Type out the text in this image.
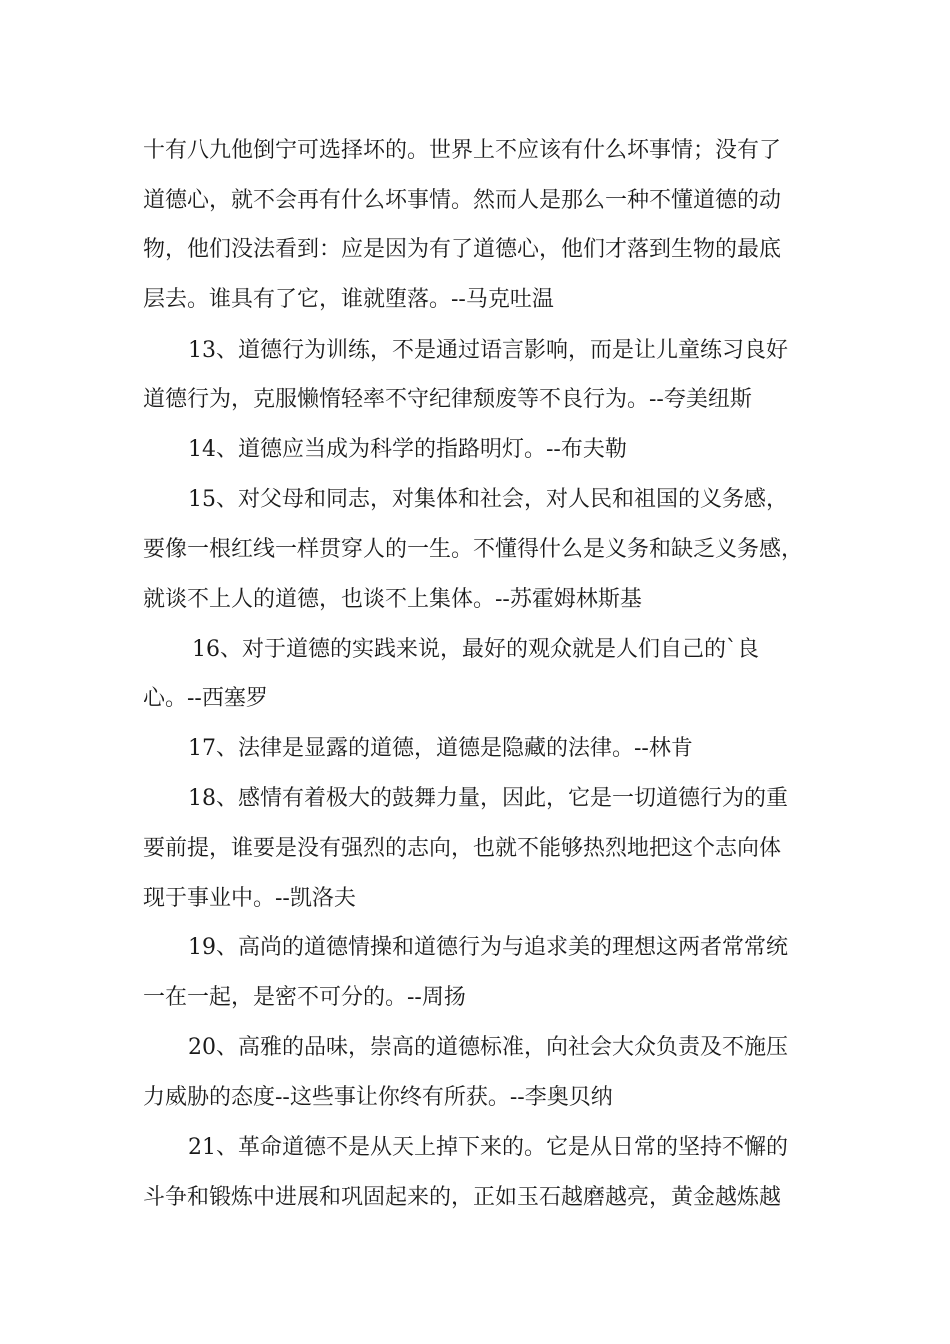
十有八九他倒宁可选择坏的。世界上不应该有什么坏事情；没有了
道德心，就不会再有什么坏事情。然而人是那么一种不懂道德的动
物，他们没法看到：应是因为有了道德心，他们才落到生物的最底
层去。谁具有了它，谁就堕落。--马克吐温
13、道德行为训练，不是通过语言影响，而是让儿童练习良好
道德行为，克服懒惰轻率不守纪律颓废等不良行为。--夸美纽斯
14、道德应当成为科学的指路明灯。--布夫勒
15、对父母和同志，对集体和社会，对人民和祖国的义务感，
要像一根红线一样贯穿人的一生。不懂得什么是义务和缺乏义务感，
就谈不上人的道德，也谈不上集体。--苏霍姆林斯基
16、对于道德的实践来说，最好的观众就是人们自己的`良
心。--西塞罗
17、法律是显露的道德，道德是隐藏的法律。--林肯
18、感情有着极大的鼓舞力量，因此，它是一切道德行为的重
要前提，谁要是没有强烈的志向，也就不能够热烈地把这个志向体
现于事业中。--凯洛夫
19、高尚的道德情操和道德行为与追求美的理想这两者常常统
一在一起，是密不可分的。--周扬
20、高雅的品味，崇高的道德标准，向社会大众负责及不施压
力威胁的态度--这些事让你终有所获。--李奥贝纳
21、革命道德不是从天上掉下来的。它是从日常的坚持不懈的
斗争和锻炼中进展和巩固起来的，正如玉石越磨越亮，黄金越炼越
